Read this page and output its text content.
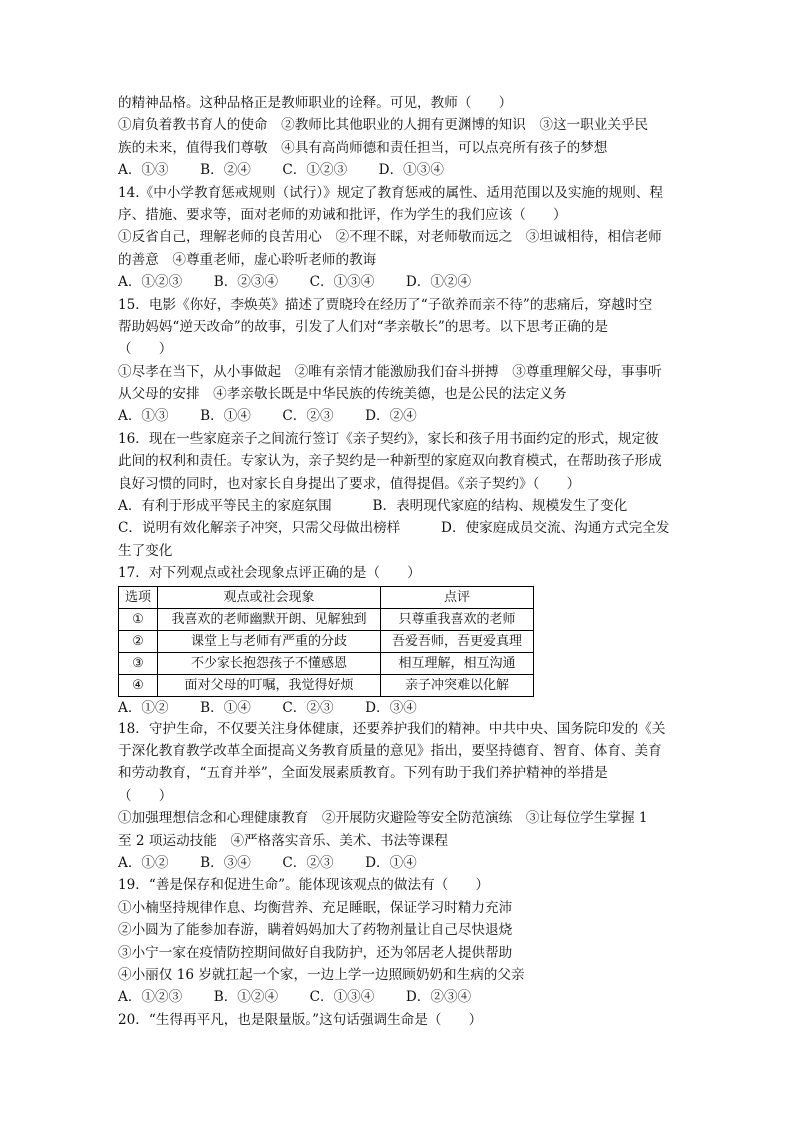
的精神品格。这种品格正是教师职业的诠释。可见，教师（　　）
①肩负着教书育人的使命　②教师比其他职业的人拥有更渊博的知识　③这一职业关乎民
族的未来，值得我们尊敬　④具有高尚师德和责任担当，可以点亮所有孩子的梦想
A．①③　　 B．②④　　 C．①②③　　 D．①③④
14.《中小学教育惩戒规则（试行）》规定了教育惩戒的属性、适用范围以及实施的规则、程
序、措施、要求等，面对老师的劝诫和批评，作为学生的我们应该（　　）
①反省自己，理解老师的良苦用心　②不理不睬，对老师敬而远之　③坦诚相待，相信老师
的善意　④尊重老师，虚心聆听老师的教诲
A．①②③　　 B．②③④　　 C．①③④　　 D．①②④
15．电影《你好，李焕英》描述了贾晓玲在经历了“子欲养而亲不待”的悲痛后，穿越时空
帮助妈妈“逆天改命”的故事，引发了人们对“孝亲敬长”的思考。以下思考正确的是
（　　）
①尽孝在当下，从小事做起　②唯有亲情才能激励我们奋斗拼搏　③尊重理解父母，事事听
从父母的安排　④孝亲敬长既是中华民族的传统美德，也是公民的法定义务
A．①③　　 B．①④　　 C．②③　　 D．②④
16．现在一些家庭亲子之间流行签订《亲子契约》，家长和孩子用书面约定的形式，规定彼
此间的权利和责任。专家认为，亲子契约是一种新型的家庭双向教育模式，在帮助孩子形成
良好习惯的同时，也对家长自身提出了要求，值得提倡。《亲子契约》（　　）
A．有利于形成平等民主的家庭氛围　　　B．表明现代家庭的结构、规模发生了变化
C．说明有效化解亲子冲突，只需父母做出榜样　　　D．使家庭成员交流、沟通方式完全发
生了变化
17．对下列观点或社会现象点评正确的是（　　）
选项	观点或社会现象	点评
①	我喜欢的老师幽默开朗、见解独到	只尊重我喜欢的老师
②	课堂上与老师有严重的分歧	吾爱吾师，吾更爱真理
③	不少家长抱怨孩子不懂感恩	相互理解，相互沟通
④	面对父母的叮嘱，我觉得好烦	亲子冲突难以化解
A．①②　　 B．①④　　 C．②③　　 D．③④
18．守护生命，不仅要关注身体健康，还要养护我们的精神。中共中央、国务院印发的《关
于深化教育教学改革全面提高义务教育质量的意见》指出，要坚持德育、智育、体育、美育
和劳动教育，“五育并举”，全面发展素质教育。下列有助于我们养护精神的举措是
（　　）
①加强理想信念和心理健康教育　②开展防灾避险等安全防范演练　③让每位学生掌握 1
至 2 项运动技能　④严格落实音乐、美术、书法等课程
A．①②　　 B．③④　　 C．②③　　 D．①④
19．“善是保存和促进生命”。能体现该观点的做法有（　　）
①小楠坚持规律作息、均衡营养、充足睡眠，保证学习时精力充沛
②小圆为了能参加春游，瞒着妈妈加大了药物剂量让自己尽快退烧
③小宁一家在疫情防控期间做好自我防护，还为邻居老人提供帮助
④小丽仅 16 岁就扛起一个家，一边上学一边照顾奶奶和生病的父亲
A．①②③　　 B．①②④　　 C．①③④　　 D．②③④
20．“生得再平凡，也是限量版。”这句话强调生命是（　　）
